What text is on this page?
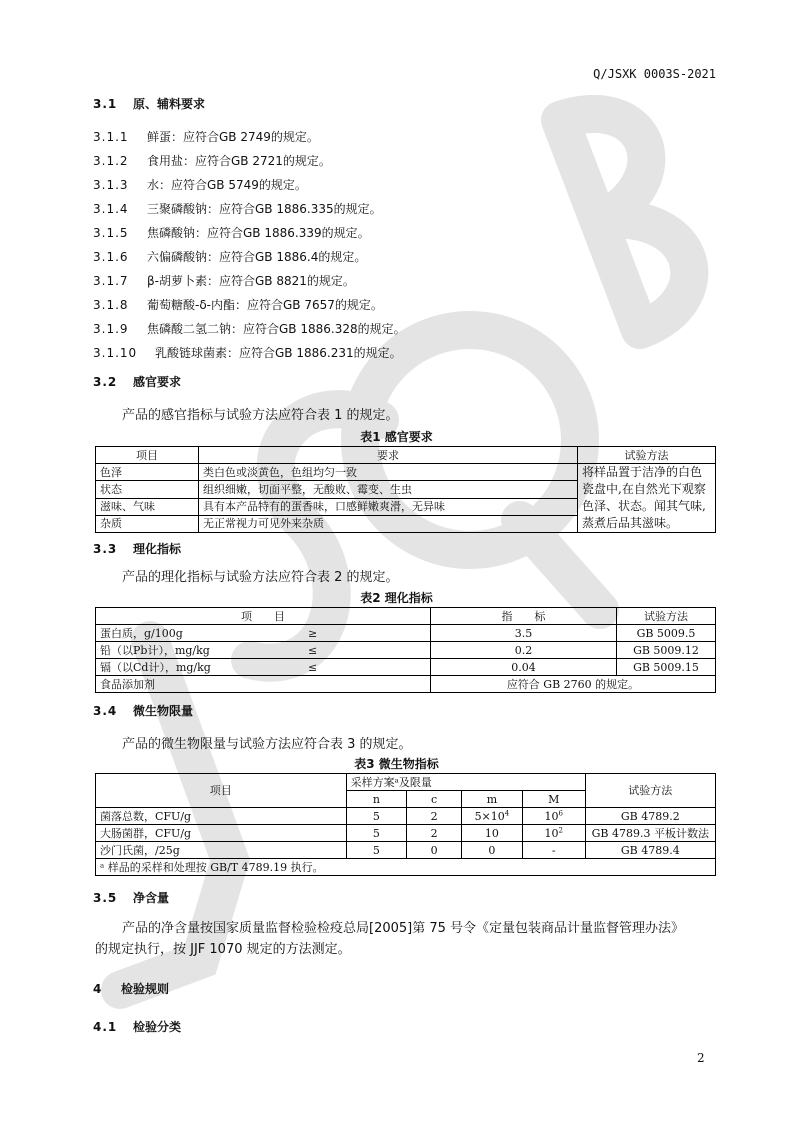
Q/JSXK 0003S-2021
3.1 原、辅料要求
3.1.1 鲜蛋：应符合GB 2749的规定。
3.1.2 食用盐：应符合GB 2721的规定。
3.1.3 水：应符合GB 5749的规定。
3.1.4 三聚磷酸钠：应符合GB 1886.335的规定。
3.1.5 焦磷酸钠：应符合GB 1886.339的规定。
3.1.6 六偏磷酸钠：应符合GB 1886.4的规定。
3.1.7 β-胡萝卜素：应符合GB 8821的规定。
3.1.8 葡萄糖酸-δ-内酯：应符合GB 7657的规定。
3.1.9 焦磷酸二氢二钠：应符合GB 1886.328的规定。
3.1.10 乳酸链球菌素：应符合GB 1886.231的规定。
3.2 感官要求
产品的感官指标与试验方法应符合表 1 的规定。
表1 感官要求
项目	要求	试验方法
色泽	类白色或淡黄色，色组均匀一致	将样品置于洁净的白色瓷盘中,在自然光下观察色泽、状态。闻其气味,蒸煮后品其滋味。
状态	组织细嫩，切面平整，无酸败、霉变、生虫	
滋味、气味	具有本产品特有的蛋香味，口感鲜嫩爽滑，无异味	
杂质	无正常视力可见外来杂质	
3.3 理化指标
产品的理化指标与试验方法应符合表 2 的规定。
表2 理化指标
项　　目		指　　标	试验方法
蛋白质，g/100g	≥	3.5	GB 5009.5
铅（以Pb计），mg/kg	≤	0.2	GB 5009.12
镉（以Cd计），mg/kg	≤	0.04	GB 5009.15
食品添加剂		应符合 GB 2760 的规定。	
3.4 微生物限量
产品的微生物限量与试验方法应符合表 3 的规定。
表3 微生物指标
项目	采样方案ᵃ及限量				试验方法
	n	c	m	M	
菌落总数，CFU/g	5	2	$5\times 10^4$	$10^6$	GB 4789.2
大肠菌群，CFU/g	5	2	10	$10^2$	GB 4789.3 平板计数法
沙门氏菌，/25g	5	0	0	-	GB 4789.4
ᵃ 样品的采样和处理按 GB/T 4789.19 执行。					
3.5 净含量
产品的净含量按国家质量监督检验检疫总局[2005]第 75 号令《定量包装商品计量监督管理办法》
的规定执行，按 JJF 1070 规定的方法测定。
4 检验规则
4.1 检验分类
2
